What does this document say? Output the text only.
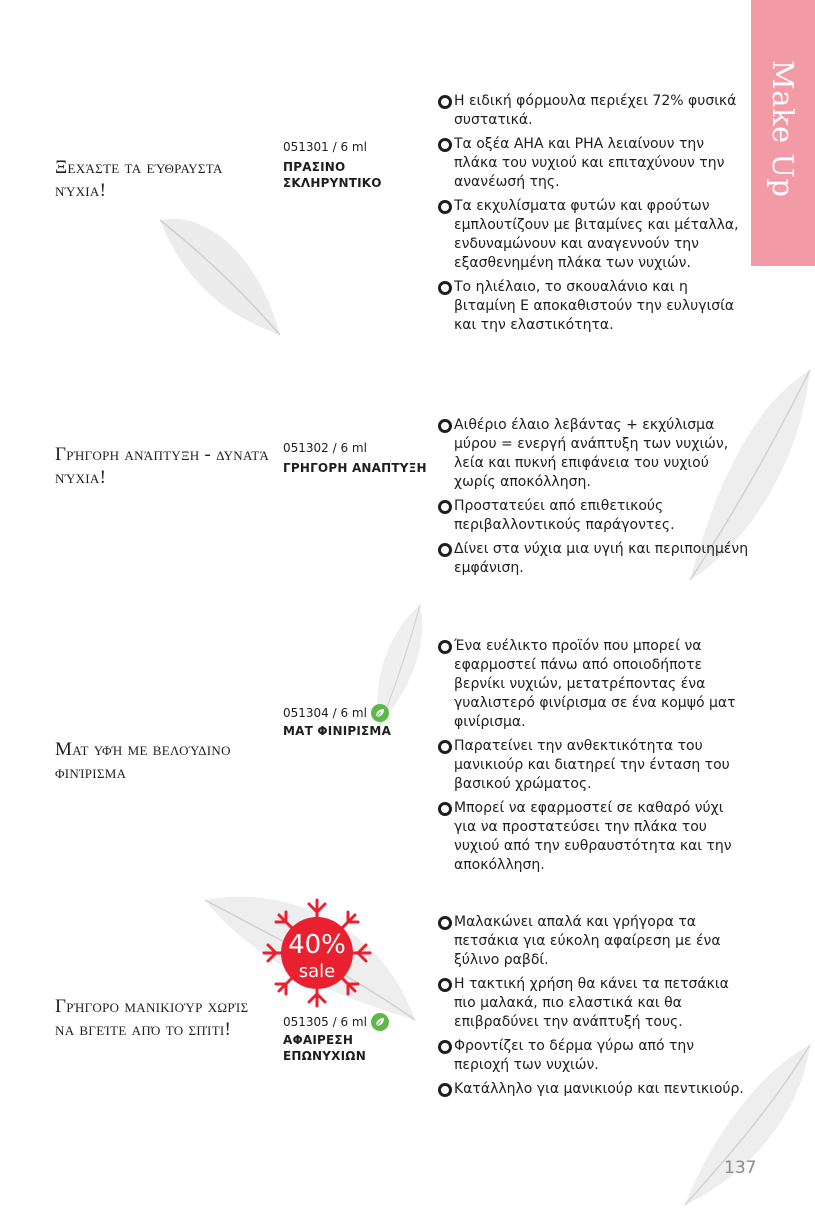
Make Up
Ξεχάστε τα εύθραυστα νύχια!
051301 / 6 ml
ΠΡΑΣΙΝΟ ΣΚΛΗΡΥΝΤΙΚΟ
Η ειδική φόρμουλα περιέχει 72% φυσικά συστατικά.
Τα οξέα AHA και PHA λειαίνουν την πλάκα του νυχιού και επιταχύνουν την ανανέωσή της.
Τα εκχυλίσματα φυτών και φρούτων εμπλουτίζουν με βιταμίνες και μέταλλα, ενδυναμώνουν και αναγεννούν την εξασθενημένη πλάκα των νυχιών.
Το ηλιέλαιο, το σκουαλάνιο και η βιταμίνη Ε αποκαθιστούν την ευλυγισία και την ελαστικότητα.
Γρήγορη ανάπτυξη - δυνατά νύχια!
051302 / 6 ml
ΓΡΗΓΟΡΗ ΑΝΑΠΤΥΞΗ
Αιθέριο έλαιο λεβάντας + εκχύλισμα μύρου = ενεργή ανάπτυξη των νυχιών, λεία και πυκνή επιφάνεια του νυχιού χωρίς αποκόλληση.
Προστατεύει από επιθετικούς περιβαλλοντικούς παράγοντες.
Δίνει στα νύχια μια υγιή και περιποιημένη εμφάνιση.
Ματ υφή με βελούδινο φινίρισμα
051304 / 6 ml
ΜΑΤ ΦΙΝΙΡΙΣΜΑ
Ένα ευέλικτο προϊόν που μπορεί να εφαρμοστεί πάνω από οποιοδήποτε βερνίκι νυχιών, μετατρέποντας ένα γυαλιστερό φινίρισμα σε ένα κομψό ματ φινίρισμα.
Παρατείνει την ανθεκτικότητα του μανικιούρ και διατηρεί την ένταση του βασικού χρώματος.
Μπορεί να εφαρμοστεί σε καθαρό νύχι για να προστατεύσει την πλάκα του νυχιού από την ευθραυστότητα και την αποκόλληση.
40%
sale
Γρήγορο μανικιούρ χωρίς να βγείτε από το σπίτι!	051305 / 6 ml
ΑΦΑΙΡΕΣΗ ΕΠΩΝΥΧΙΩΝ
Μαλακώνει απαλά και γρήγορα τα πετσάκια για εύκολη αφαίρεση με ένα ξύλινο ραβδί.
Η τακτική χρήση θα κάνει τα πετσάκια πιο μαλακά, πιο ελαστικά και θα επιβραδύνει την ανάπτυξή τους.
Φροντίζει το δέρμα γύρω από την περιοχή των νυχιών.
Κατάλληλο για μανικιούρ και πεντικιούρ.
137
